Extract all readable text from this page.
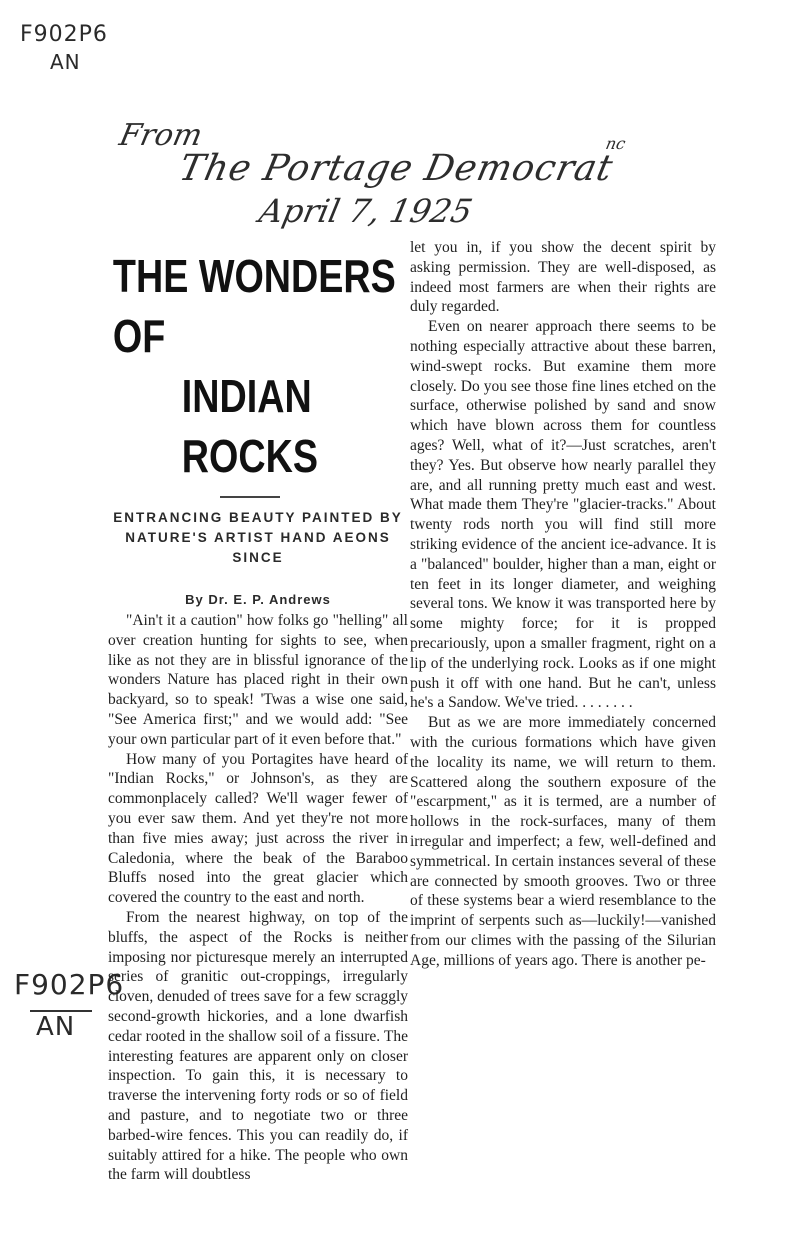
F902P6
AN
From
The Portage Democrat
April 7, 1925
nc
F902P6
AN
THE WONDERS OF
INDIAN ROCKS
ENTRANCING BEAUTY PAINTED BY NATURE'S ARTIST HAND AEONS SINCE
By Dr. E. P. Andrews

"Ain't it a caution" how folks go "helling" all over creation hunting for sights to see, when like as not they are in blissful ignorance of the wonders Nature has placed right in their own backyard, so to speak! 'Twas a wise one said, "See America first;" and we would add: "See your own particular part of it even before that."

How many of you Portagites have heard of "Indian Rocks," or Johnson's, as they are commonplacely called? We'll wager fewer of you ever saw them. And yet they're not more than five mies away; just across the river in Caledonia, where the beak of the Baraboo Bluffs nosed into the great glacier which covered the country to the east and north.

From the nearest highway, on top of the bluffs, the aspect of the Rocks is neither imposing nor picturesque merely an interrupted series of granitic out-croppings, irregularly cloven, denuded of trees save for a few scraggly second-growth hickories, and a lone dwarfish cedar rooted in the shallow soil of a fissure. The interesting features are apparent only on closer inspection. To gain this, it is necessary to traverse the intervening forty rods or so of field and pasture, and to negotiate two or three barbed-wire fences. This you can readily do, if suitably attired for a hike. The people who own the farm will doubtless

let you in, if you show the decent spirit by asking permission. They are well-disposed, as indeed most farmers are when their rights are duly regarded.

Even on nearer approach there seems to be nothing especially attractive about these barren, wind-swept rocks. But examine them more closely. Do you see those fine lines etched on the surface, otherwise polished by sand and snow which have blown across them for countless ages? Well, what of it?—Just scratches, aren't they? Yes. But observe how nearly parallel they are, and all running pretty much east and west. What made them They're "glacier-tracks." About twenty rods north you will find still more striking evidence of the ancient ice-advance. It is a "balanced" boulder, higher than a man, eight or ten feet in its longer diameter, and weighing several tons. We know it was transported here by some mighty force; for it is propped precariously, upon a smaller fragment, right on a lip of the underlying rock. Looks as if one might push it off with one hand. But he can't, unless he's a Sandow. We've tried. . . . . . . .

But as we are more immediately concerned with the curious formations which have given the locality its name, we will return to them. Scattered along the southern exposure of the "escarpment," as it is termed, are a number of hollows in the rock-surfaces, many of them irregular and imperfect; a few, well-defined and symmetrical. In certain instances several of these are connected by smooth grooves. Two or three of these systems bear a wierd resemblance to the imprint of serpents such as—luckily!—vanished from our climes with the passing of the Silurian Age, millions of years ago. There is another pe-
